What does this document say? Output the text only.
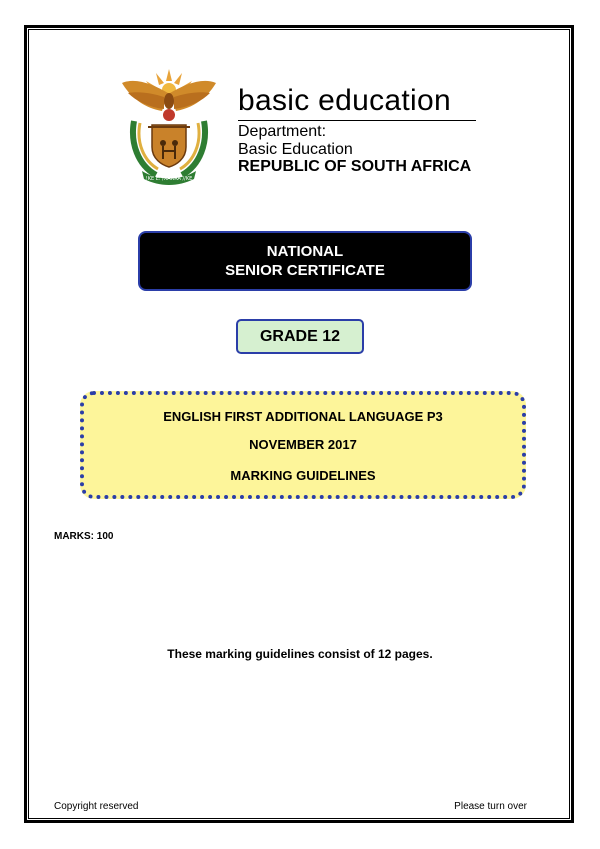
!KE E: /XARRA //KE
basic education
Department:
Basic Education
REPUBLIC OF SOUTH AFRICA
NATIONAL
SENIOR CERTIFICATE
GRADE 12
ENGLISH FIRST ADDITIONAL LANGUAGE P3
NOVEMBER 2017
MARKING GUIDELINES
MARKS: 100
These marking guidelines consist of 12 pages.
Copyright reserved	Please turn over
